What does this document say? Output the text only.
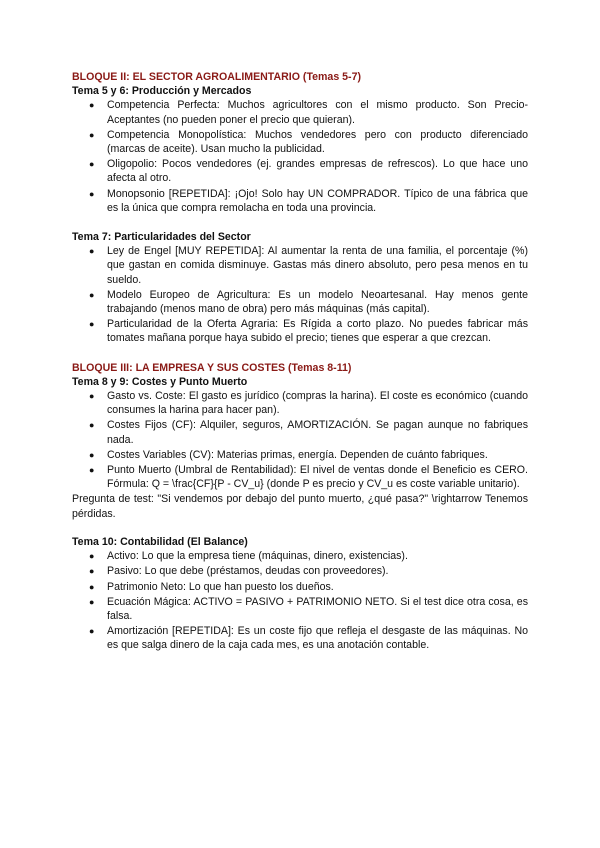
BLOQUE II: EL SECTOR AGROALIMENTARIO (Temas 5-7)
Tema 5 y 6: Producción y Mercados
● Competencia Perfecta: Muchos agricultores con el mismo producto. Son Precio-Aceptantes (no pueden poner el precio que quieran).
● Competencia Monopolística: Muchos vendedores pero con producto diferenciado (marcas de aceite). Usan mucho la publicidad.
● Oligopolio: Pocos vendedores (ej. grandes empresas de refrescos). Lo que hace uno afecta al otro.
● Monopsonio [REPETIDA]: ¡Ojo! Solo hay UN COMPRADOR. Típico de una fábrica que es la única que compra remolacha en toda una provincia.
Tema 7: Particularidades del Sector
● Ley de Engel [MUY REPETIDA]: Al aumentar la renta de una familia, el porcentaje (%) que gastan en comida disminuye. Gastas más dinero absoluto, pero pesa menos en tu sueldo.
● Modelo Europeo de Agricultura: Es un modelo Neoartesanal. Hay menos gente trabajando (menos mano de obra) pero más máquinas (más capital).
● Particularidad de la Oferta Agraria: Es Rígida a corto plazo. No puedes fabricar más tomates mañana porque haya subido el precio; tienes que esperar a que crezcan.
BLOQUE III: LA EMPRESA Y SUS COSTES (Temas 8-11)
Tema 8 y 9: Costes y Punto Muerto
● Gasto vs. Coste: El gasto es jurídico (compras la harina). El coste es económico (cuando consumes la harina para hacer pan).
● Costes Fijos (CF): Alquiler, seguros, AMORTIZACIÓN. Se pagan aunque no fabriques nada.
● Costes Variables (CV): Materias primas, energía. Dependen de cuánto fabriques.
● Punto Muerto (Umbral de Rentabilidad): El nivel de ventas donde el Beneficio es CERO. Fórmula: Q = \frac{CF}{P - CV_u} (donde P es precio y CV_u es coste variable unitario).

Pregunta de test: "Si vendemos por debajo del punto muerto, ¿qué pasa?" \rightarrow Tenemos pérdidas.

Tema 10: Contabilidad (El Balance)
● Activo: Lo que la empresa tiene (máquinas, dinero, existencias).
● Pasivo: Lo que debe (préstamos, deudas con proveedores).
● Patrimonio Neto: Lo que han puesto los dueños.
● Ecuación Mágica: ACTIVO = PASIVO + PATRIMONIO NETO. Si el test dice otra cosa, es falsa.
● Amortización [REPETIDA]: Es un coste fijo que refleja el desgaste de las máquinas. No es que salga dinero de la caja cada mes, es una anotación contable.
